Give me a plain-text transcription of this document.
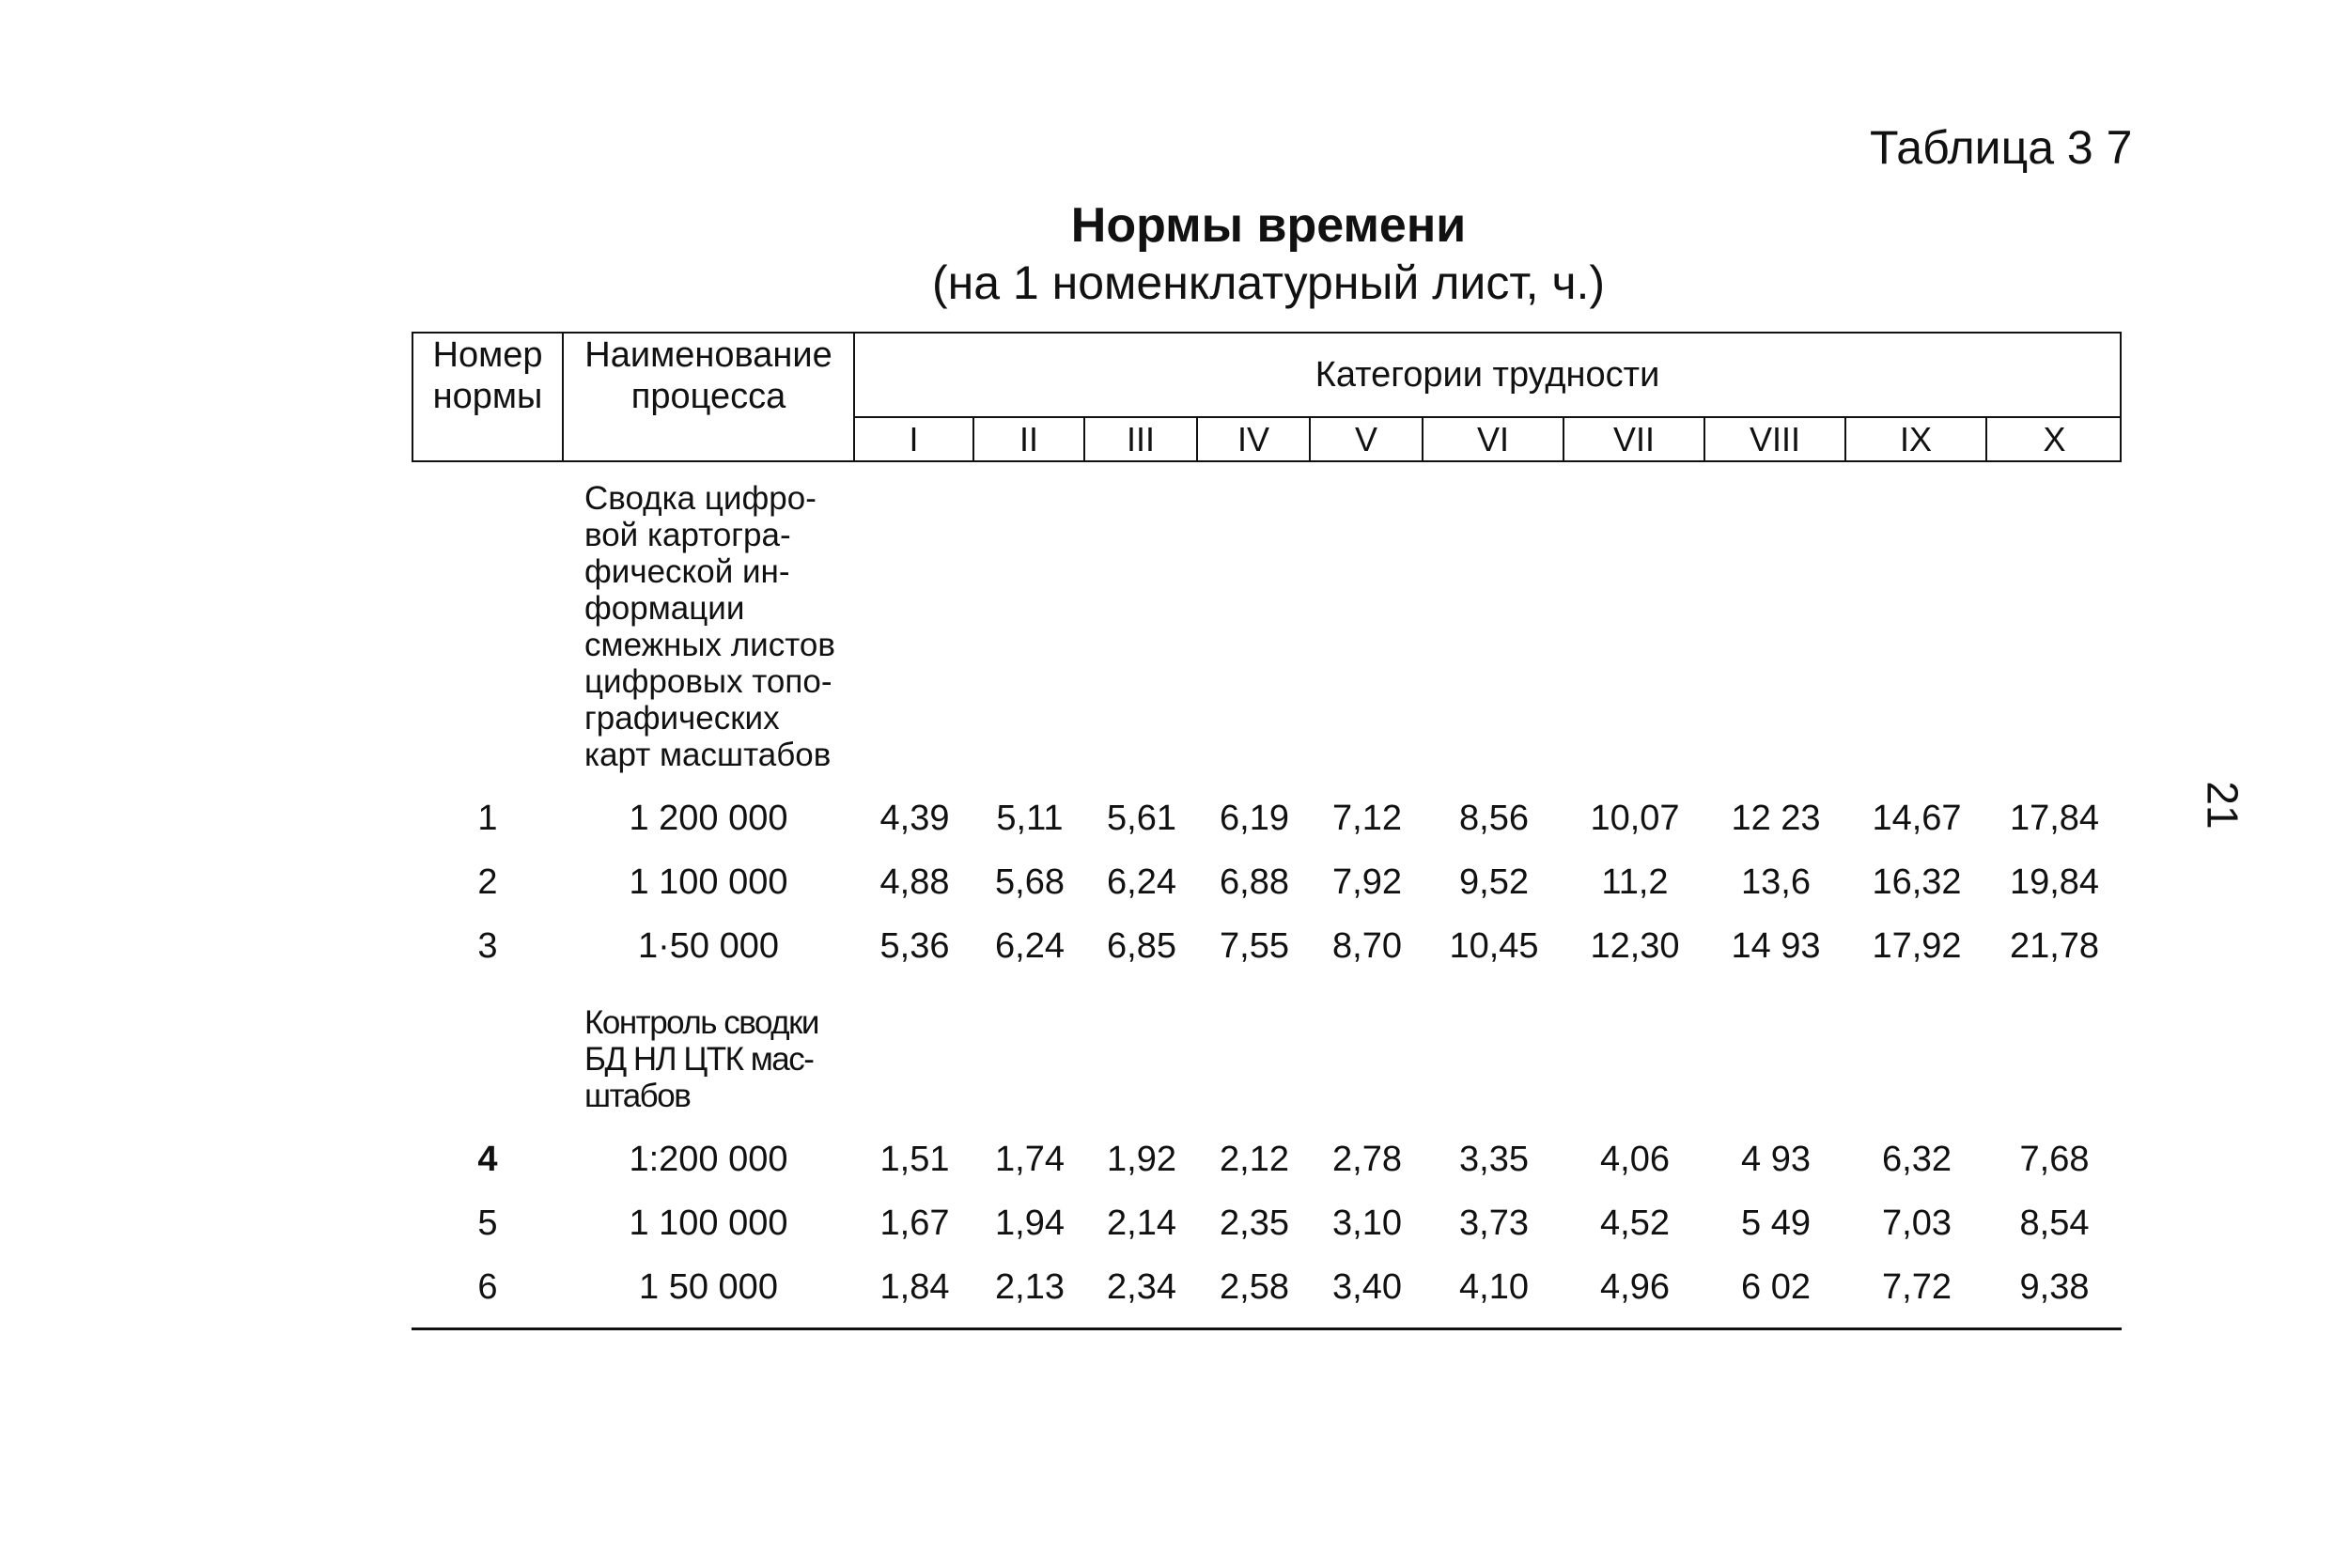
Таблица 3 7
Нормы времени
(на 1 номенклатурный лист, ч.)
21
Номер
нормы
Наименование
процесса
Категории трудности
I	II	III	IV	V	VI	VII	VIII	IX	X
Сводка цифро-
вой картогра-
фической ин-
формации
смежных листов
цифровых топо-
графических
карт масштабов
1	1 200 000	4,39	5,11	5,61	6,19	7,12	8,56	10,07	12 23	14,67	17,84
2	1 100 000	4,88	5,68	6,24	6,88	7,92	9,52	11,2	13,6	16,32	19,84
3	1·50 000	5,36	6,24	6,85	7,55	8,70	10,45	12,30	14 93	17,92	21,78
Контроль сводки
БД НЛ ЦТК мас-
штабов
4	1:200 000	1,51	1,74	1,92	2,12	2,78	3,35	4,06	4 93	6,32	7,68
5	1 100 000	1,67	1,94	2,14	2,35	3,10	3,73	4,52	5 49	7,03	8,54
6	1 50 000	1,84	2,13	2,34	2,58	3,40	4,10	4,96	6 02	7,72	9,38
